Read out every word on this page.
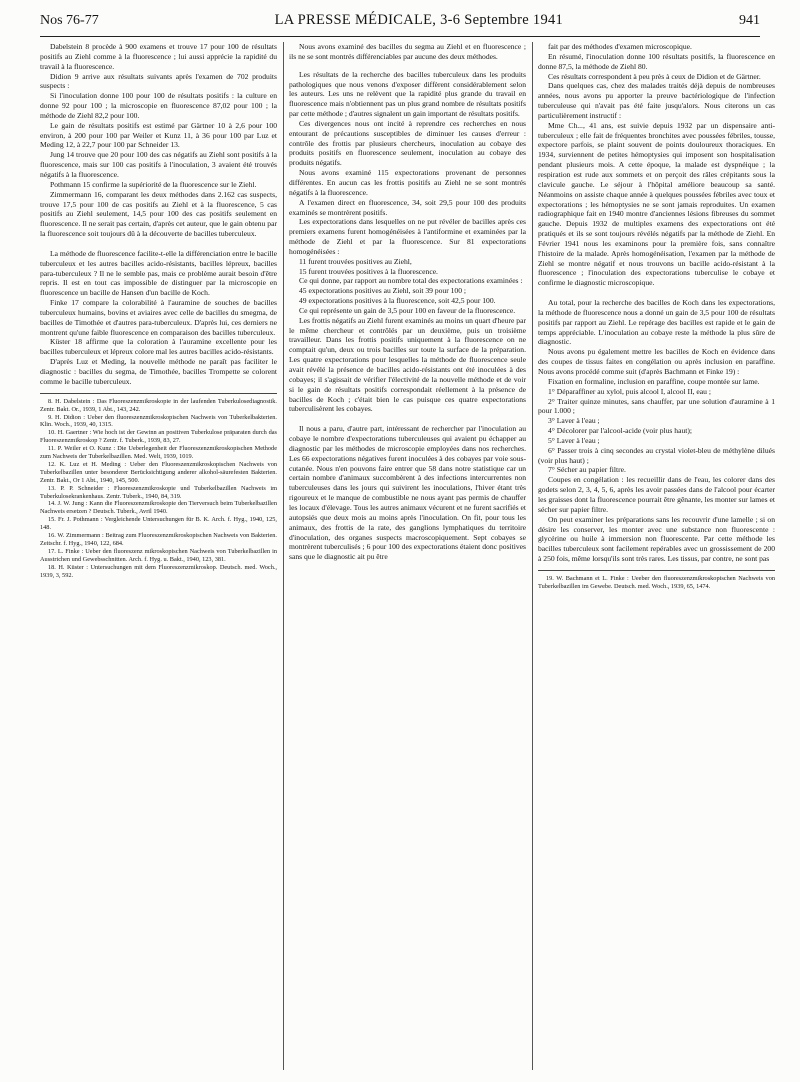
Nos 76-77	LA PRESSE MÉDICALE, 3-6 Septembre 1941	941

Dabelstein 8 procède à 900 examens et trouve 17 pour 100 de résultats positifs au Ziehl comme à la fluorescence ; lui aussi apprécie la rapidité du travail à la fluorescence.

Didion 9 arrive aux résultats suivants après l'examen de 702 produits suspects :

Si l'inoculation donne 100 pour 100 de résultats positifs : la culture en donne 92 pour 100 ; la microscopie en fluorescence 87,02 pour 100 ; la méthode de Ziehl 82,2 pour 100.

Le gain de résultats positifs est estimé par Gärtner 10 à 2,6 pour 100 environ, à 200 pour 100 par Weiler et Kunz 11, à 36 pour 100 par Luz et Meding 12, à 22,7 pour 100 par Schneider 13.

Jung 14 trouve que 20 pour 100 des cas négatifs au Ziehl sont positifs à la fluorescence, mais sur 100 cas positifs à l'inoculation, 3 avaient été trouvés négatifs à la fluorescence.

Pothmann 15 confirme la supériorité de la fluorescence sur le Ziehl.

Zimmermann 16, comparant les deux méthodes dans 2.162 cas suspects, trouve 17,5 pour 100 de cas positifs au Ziehl et à la fluorescence, 5 cas positifs au Ziehl seulement, 14,5 pour 100 des cas positifs seulement en fluorescence. Il ne serait pas certain, d'après cet auteur, que le gain obtenu par la fluorescence soit toujours dû à la découverte de bacilles tuberculeux.

La méthode de fluorescence facilite-t-elle la différenciation entre le bacille tuberculeux et les autres bacilles acido-résistants, bacilles lépreux, bacilles para-tuberculeux ? Il ne le semble pas, mais ce problème aurait besoin d'être repris. Il est en tout cas impossible de distinguer par la microscopie en fluorescence un bacille de Hansen d'un bacille de Koch.

Finke 17 compare la colorabilité à l'auramine de souches de bacilles tuberculeux humains, bovins et aviaires avec celle de bacilles du smegma, de bacilles de Timothée et d'autres para-tuberculeux. D'après lui, ces derniers ne montrent qu'une faible fluorescence en comparaison des bacilles tuberculeux.

Küster 18 affirme que la coloration à l'auramine excellente pour les bacilles tuberculeux et lépreux colore mal les autres bacilles acido-résistants.

D'après Luz et Meding, la nouvelle méthode ne paraît pas faciliter le diagnostic : bacilles du segma, de Timothée, bacilles Trompette se colorent comme le bacille tuberculeux.

8. H. Dabelstein : Das Fluoreszenzmikroskopie in der laufenden Tuberkulosediagnostik. Zentr. Bakt. Or., 1939, 1 Abt., 143, 242.

9. H. Didion : Ueber den fluoreszenzmikroskopischen Nachweis von Tuberkelbakterien. Klin. Woch., 1939, 40, 1315.

10. H. Gaertner : Wie hoch ist der Gewinn an positiven Tuberkulose präparaten durch das Fluoreszenzmikroskop ? Zentr. f. Tuberk., 1939, 83, 27.

11. P. Weiler et O. Kunz : Die Ueberlegenheit der Fluoreszenzmikroskopischen Methode zum Nachweis der Tuberkelbazillen. Med. Welt, 1939, 1019.

12. K. Luz et H. Meding : Ueber den Fluoreszenzmikroskopischen Nachweis von Tuberkelbazillen unter besonderer Berücksichtigung anderer alkohol-säurefesten Bakterien. Zentr. Bakt., Or 1 Abt., 1940, 145, 500.

13. P. P. Schneider : Fluoreszenzmikroskopie und Tuberkelbazillen Nachweis im Tuberkulosekrankenhaus. Zentr. Tuberk., 1940, 84, 319.

14. J. W. Jung : Kann die Fluoreszenzmikroskopie den Tierversuch beim Tuberkelbazillen Nachweis ersetzen ? Deutsch. Tuberk., Avril 1940.

15. Fr. J. Pothmann : Vergleichende Untersuchungen für B. K. Arch. f. Hyg., 1940, 125, 148.

16. W. Zimmermann : Beitrag zum Fluoreszenzmikroskopischen Nachweis von Bakterien. Zeitschr. f. Hyg., 1940, 122, 684.

17. L. Finke : Ueber den fluoreszenz mikroskopischen Nachweis von Tuberkelbazillen in Ausstrichen und Gewebsschnitten. Arch. f. Hyg. u. Bakt., 1940, 123, 381.

18. H. Küster : Untersuchungen mit dem Fluoreszenzmikroskop. Deutsch. med. Woch., 1939, 3, 592.

Nous avons examiné des bacilles du segma au Ziehl et en fluorescence ; ils ne se sont montrés différenciables par aucune des deux méthodes.

Les résultats de la recherche des bacilles tuberculeux dans les produits pathologiques que nous venons d'exposer diffèrent considérablement selon les auteurs. Les uns ne relèvent que la rapidité plus grande du travail en fluorescence mais n'obtiennent pas un plus grand nombre de résultats positifs par cette méthode ; d'autres signalent un gain important de résultats positifs.

Ces divergences nous ont incité à reprendre ces recherches en nous entourant de précautions susceptibles de diminuer les causes d'erreur : contrôle des frottis par plusieurs chercheurs, inoculation au cobaye des produits positifs en fluorescence seulement, inoculation au cobaye des produits négatifs.

Nous avons examiné 115 expectorations provenant de personnes différentes. En aucun cas les frottis positifs au Ziehl ne se sont montrés négatifs à la fluorescence.

A l'examen direct en fluorescence, 34, soit 29,5 pour 100 des produits examinés se montrèrent positifs.

Les expectorations dans lesquelles on ne put révéler de bacilles après ces premiers examens furent homogénéisées à l'antiformine et examinées par la méthode de Ziehl et par la fluorescence. Sur 81 expectorations homogénéisées :

11 furent trouvées positives au Ziehl,

15 furent trouvées positives à la fluorescence.

Ce qui donne, par rapport au nombre total des expectorations examinées :

45 expectorations positives au Ziehl, soit 39 pour 100 ;

49 expectorations positives à la fluorescence, soit 42,5 pour 100.

Ce qui représente un gain de 3,5 pour 100 en faveur de la fluorescence.

Les frottis négatifs au Ziehl furent examinés au moins un quart d'heure par le même chercheur et contrôlés par un deuxième, puis un troisième travailleur. Dans les frottis positifs uniquement à la fluorescence on ne comptait qu'un, deux ou trois bacilles sur toute la surface de la préparation. Les quatre expectorations pour lesquelles la méthode de fluorescence seule avait révélé la présence de bacilles acido-résistants ont été inoculées à des cobayes; il s'agissait de vérifier l'électivité de la nouvelle méthode et de voir si le gain de résultats positifs correspondait réellement à la présence de bacilles de Koch ; c'était bien le cas puisque ces quatre expectorations tuberculisèrent les cobayes.

Il nous a paru, d'autre part, intéressant de rechercher par l'inoculation au cobaye le nombre d'expectorations tuberculeuses qui avaient pu échapper au diagnostic par les méthodes de microscopie employées dans nos recherches. Les 66 expectorations négatives furent inoculées à des cobayes par voie sous-cutanée. Nous n'en pouvons faire entrer que 58 dans notre statistique car un certain nombre d'animaux succombèrent à des infections intercurrentes non tuberculeuses dans les jours qui suivirent les inoculations, l'hiver étant très rigoureux et le manque de combustible ne nous ayant pas permis de chauffer les locaux d'élevage. Tous les autres animaux vécurent et ne furent sacrifiés et autopsiés que deux mois au moins après l'inoculation. On fit, pour tous les animaux, des frottis de la rate, des ganglions lymphatiques du territoire d'inoculation, des organes suspects macroscopiquement. Sept cobayes se montrèrent tuberculisés ; 6 pour 100 des expectorations étaient donc positives sans que le diagnostic ait pu être

fait par des méthodes d'examen microscopique.

En résumé, l'inoculation donne 100 résultats positifs, la fluorescence en donne 87,5, la méthode de Ziehl 80.

Ces résultats correspondent à peu près à ceux de Didion et de Gärtner.

Dans quelques cas, chez des malades traités déjà depuis de nombreuses années, nous avons pu apporter la preuve bactériologique de l'infection tuberculeuse qui n'avait pas été faite jusqu'alors. Nous citerons un cas particulièrement instructif :

Mme Ch..., 41 ans, est suivie depuis 1932 par un dispensaire anti-tuberculeux ; elle fait de fréquentes bronchites avec poussées fébriles, tousse, expectore parfois, se plaint souvent de points douloureux thoraciques. En 1934, surviennent de petites hémoptysies qui imposent son hospitalisation pendant plusieurs mois. A cette époque, la malade est dyspnéique ; la respiration est rude aux sommets et on perçoit des râles crépitants sous la clavicule gauche. Le séjour à l'hôpital améliore beaucoup sa santé. Néanmoins on assiste chaque année à quelques poussées fébriles avec toux et expectorations ; les hémoptysies ne se sont jamais reproduites. Un examen radiographique fait en 1940 montre d'anciennes lésions fibreuses du sommet gauche. Depuis 1932 de multiples examens des expectorations ont été pratiqués et ils se sont toujours révélés négatifs par la méthode de Ziehl. En Février 1941 nous les examinons pour la première fois, sans connaître l'histoire de la malade. Après homogénéisation, l'examen par la méthode de Ziehl se montre négatif et nous trouvons un bacille acido-résistant à la fluorescence ; l'inoculation des expectorations tuberculise le cobaye et confirme le diagnostic microscopique.

Au total, pour la recherche des bacilles de Koch dans les expectorations, la méthode de fluorescence nous a donné un gain de 3,5 pour 100 de résultats positifs par rapport au Ziehl. Le repérage des bacilles est rapide et le gain de temps appréciable. L'inoculation au cobaye reste la méthode la plus sûre de diagnostic.

Nous avons pu également mettre les bacilles de Koch en évidence dans des coupes de tissus faites en congélation ou après inclusion en paraffine. Nous avons procédé comme suit (d'après Bachmann et Finke 19) :

Fixation en formaline, inclusion en paraffine, coupe montée sur lame.

1° Déparaffiner au xylol, puis alcool I, alcool II, eau ;

2° Traiter quinze minutes, sans chauffer, par une solution d'auramine à 1 pour 1.000 ;

3° Laver à l'eau ;

4° Décolorer par l'alcool-acide (voir plus haut);

5° Laver à l'eau ;

6° Passer trois à cinq secondes au crystal violet-bleu de méthylène dilués (voir plus haut) ;

7° Sécher au papier filtre.

Coupes en congélation : les recueillir dans de l'eau, les colorer dans des godets selon 2, 3, 4, 5, 6, après les avoir passées dans de l'alcool pour écarter les graisses dont la fluorescence pourrait être gênante, les monter sur lames et sécher sur papier filtre.

On peut examiner les préparations sans les recouvrir d'une lamelle ; si on désire les conserver, les monter avec une substance non fluorescente : glycérine ou huile à immersion non fluorescente. Par cette méthode les bacilles tuberculeux sont facilement repérables avec un grossissement de 200 à 250 fois, même lorsqu'ils sont très rares. Les tissus, par contre, ne sont pas

19. W. Bachmann et L. Finke : Ueeber den fluoreszenzmikroskopischen Nachweis von Tuberkelbazillen im Gewebe. Deutsch. med. Woch., 1939, 65, 1474.
